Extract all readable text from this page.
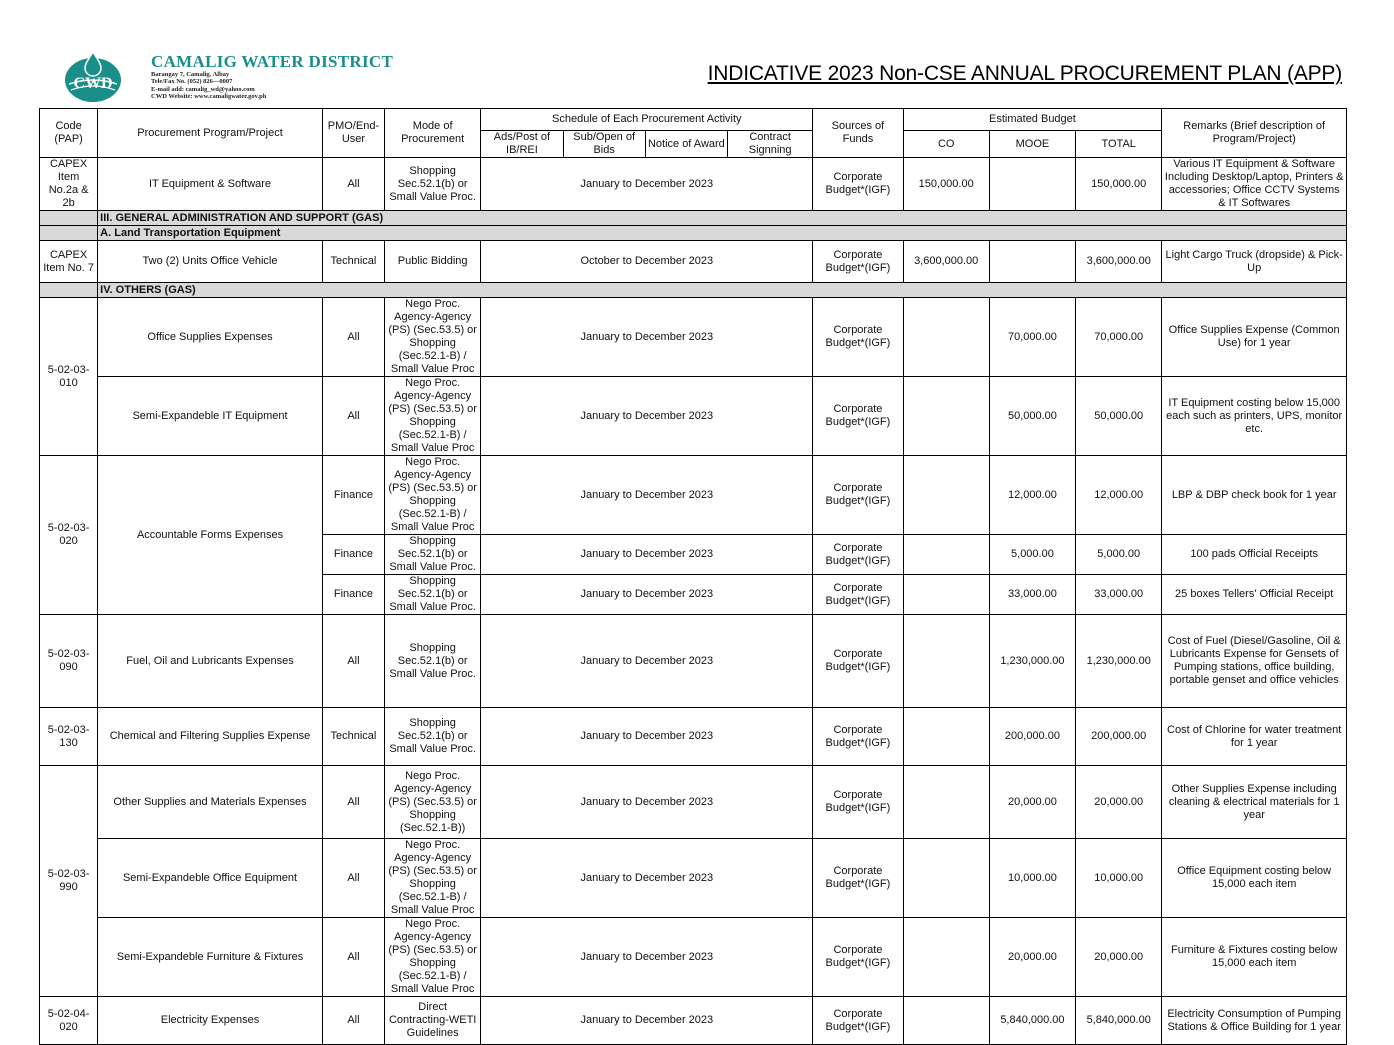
CWD
CAMALIG WATER DISTRICT
Barangay 7, Camalig, Albay
Tele/Fax No. (052) 826—0007
E-mail add: camalig_wd@yahoo.com
CWD Website: www.camaligwater.gov.ph
INDICATIVE 2023 Non-CSE ANNUAL PROCUREMENT PLAN (APP)
Code (PAP)	Procurement Program/Project	PMO/End-User	Mode of Procurement	Schedule of Each Procurement Activity				Sources of Funds	Estimated Budget			Remarks (Brief description of Program/Project)
				Ads/Post of IB/REI	Sub/Open of Bids	Notice of Award	Contract Signning		CO	MOOE	TOTAL	
CAPEX Item No.2a & 2b	IT Equipment & Software	All	Shopping Sec.52.1(b) or Small Value Proc.	January to December 2023				Corporate Budget*(IGF)	150,000.00		150,000.00	Various IT Equipment & Software Including Desktop/Laptop, Printers & accessories; Office CCTV Systems & IT Softwares
	III. GENERAL ADMINISTRATION AND SUPPORT (GAS)											
	A. Land Transportation Equipment											
CAPEX Item No. 7	Two (2) Units Office Vehicle	Technical	Public Bidding	October to December 2023				Corporate Budget*(IGF)	3,600,000.00		3,600,000.00	Light Cargo Truck (dropside) & Pick-Up
	IV. OTHERS (GAS)											
5-02-03-010	Office Supplies Expenses	All	Nego Proc. Agency-Agency (PS) (Sec.53.5) or Shopping (Sec.52.1-B) / Small Value Proc	January to December 2023				Corporate Budget*(IGF)		70,000.00	70,000.00	Office Supplies Expense (Common Use) for 1 year
	Semi-Expandeble IT Equipment	All	Nego Proc. Agency-Agency (PS) (Sec.53.5) or Shopping (Sec.52.1-B) / Small Value Proc	January to December 2023				Corporate Budget*(IGF)		50,000.00	50,000.00	IT Equipment costing below 15,000 each such as printers, UPS, monitor etc.
5-02-03-020	Accountable Forms Expenses	Finance	Nego Proc. Agency-Agency (PS) (Sec.53.5) or Shopping (Sec.52.1-B) / Small Value Proc	January to December 2023				Corporate Budget*(IGF)		12,000.00	12,000.00	LBP & DBP check book for 1 year
		Finance	Shopping Sec.52.1(b) or Small Value Proc.	January to December 2023				Corporate Budget*(IGF)		5,000.00	5,000.00	100 pads Official Receipts
		Finance	Shopping Sec.52.1(b) or Small Value Proc.	January to December 2023				Corporate Budget*(IGF)		33,000.00	33,000.00	25 boxes Tellers' Official Receipt
5-02-03-090	Fuel, Oil and Lubricants Expenses	All	Shopping Sec.52.1(b) or Small Value Proc.	January to December 2023				Corporate Budget*(IGF)		1,230,000.00	1,230,000.00	Cost of Fuel (Diesel/Gasoline, Oil & Lubricants Expense for Gensets of Pumping stations, office building, portable genset and office vehicles
5-02-03-130	Chemical and Filtering Supplies Expense	Technical	Shopping Sec.52.1(b) or Small Value Proc.	January to December 2023				Corporate Budget*(IGF)		200,000.00	200,000.00	Cost of Chlorine for water treatment for 1 year
5-02-03-990	Other Supplies and Materials Expenses	All	Nego Proc. Agency-Agency (PS) (Sec.53.5) or Shopping (Sec.52.1-B))	January to December 2023				Corporate Budget*(IGF)		20,000.00	20,000.00	Other Supplies Expense including cleaning & electrical materials for 1 year
	Semi-Expandeble Office Equipment	All	Nego Proc. Agency-Agency (PS) (Sec.53.5) or Shopping (Sec.52.1-B) / Small Value Proc	January to December 2023				Corporate Budget*(IGF)		10,000.00	10,000.00	Office Equipment costing below 15,000 each item
	Semi-Expandeble Furniture & Fixtures	All	Nego Proc. Agency-Agency (PS) (Sec.53.5) or Shopping (Sec.52.1-B) / Small Value Proc	January to December 2023				Corporate Budget*(IGF)		20,000.00	20,000.00	Furniture & Fixtures costing below 15,000 each item
5-02-04-020	Electricity Expenses	All	Direct Contracting-WETI Guidelines	January to December 2023				Corporate Budget*(IGF)		5,840,000.00	5,840,000.00	Electricity Consumption of Pumping Stations & Office Building for 1 year
